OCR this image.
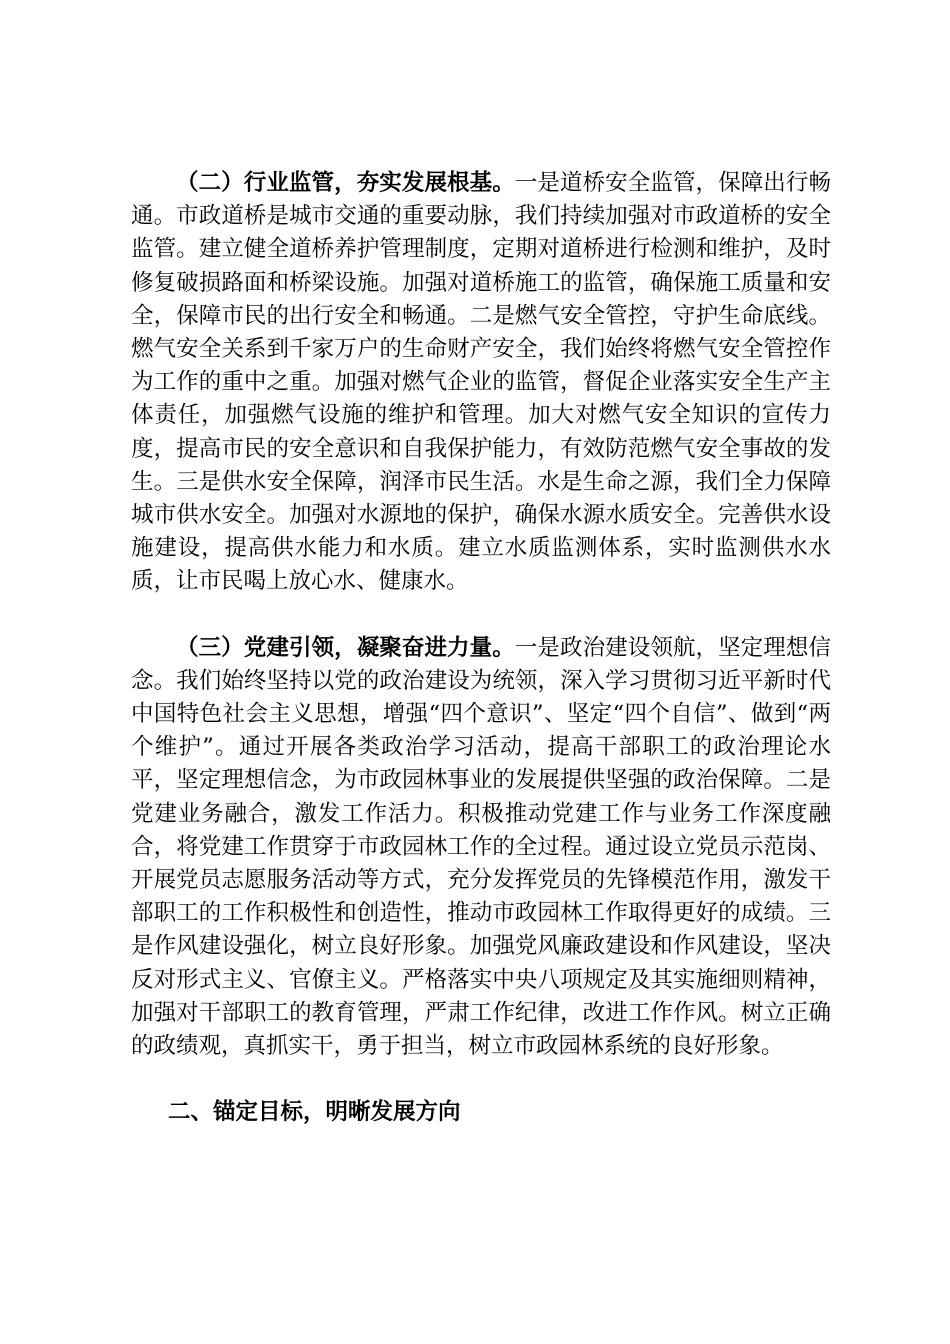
（二）行业监管，夯实发展根基。一是道桥安全监管，保障出行畅通。市政道桥是城市交通的重要动脉，我们持续加强对市政道桥的安全监管。建立健全道桥养护管理制度，定期对道桥进行检测和维护，及时修复破损路面和桥梁设施。加强对道桥施工的监管，确保施工质量和安全，保障市民的出行安全和畅通。二是燃气安全管控，守护生命底线。燃气安全关系到千家万户的生命财产安全，我们始终将燃气安全管控作为工作的重中之重。加强对燃气企业的监管，督促企业落实安全生产主体责任，加强燃气设施的维护和管理。加大对燃气安全知识的宣传力度，提高市民的安全意识和自我保护能力，有效防范燃气安全事故的发生。三是供水安全保障，润泽市民生活。水是生命之源，我们全力保障城市供水安全。加强对水源地的保护，确保水源水质安全。完善供水设施建设，提高供水能力和水质。建立水质监测体系，实时监测供水水质，让市民喝上放心水、健康水。

（三）党建引领，凝聚奋进力量。一是政治建设领航，坚定理想信念。我们始终坚持以党的政治建设为统领，深入学习贯彻习近平新时代中国特色社会主义思想，增强“四个意识”、坚定“四个自信”、做到“两个维护”。通过开展各类政治学习活动，提高干部职工的政治理论水平，坚定理想信念，为市政园林事业的发展提供坚强的政治保障。二是党建业务融合，激发工作活力。积极推动党建工作与业务工作深度融合，将党建工作贯穿于市政园林工作的全过程。通过设立党员示范岗、开展党员志愿服务活动等方式，充分发挥党员的先锋模范作用，激发干部职工的工作积极性和创造性，推动市政园林工作取得更好的成绩。三是作风建设强化，树立良好形象。加强党风廉政建设和作风建设，坚决反对形式主义、官僚主义。严格落实中央八项规定及其实施细则精神，加强对干部职工的教育管理，严肃工作纪律，改进工作作风。树立正确的政绩观，真抓实干，勇于担当，树立市政园林系统的良好形象。

二、锚定目标，明晰发展方向
